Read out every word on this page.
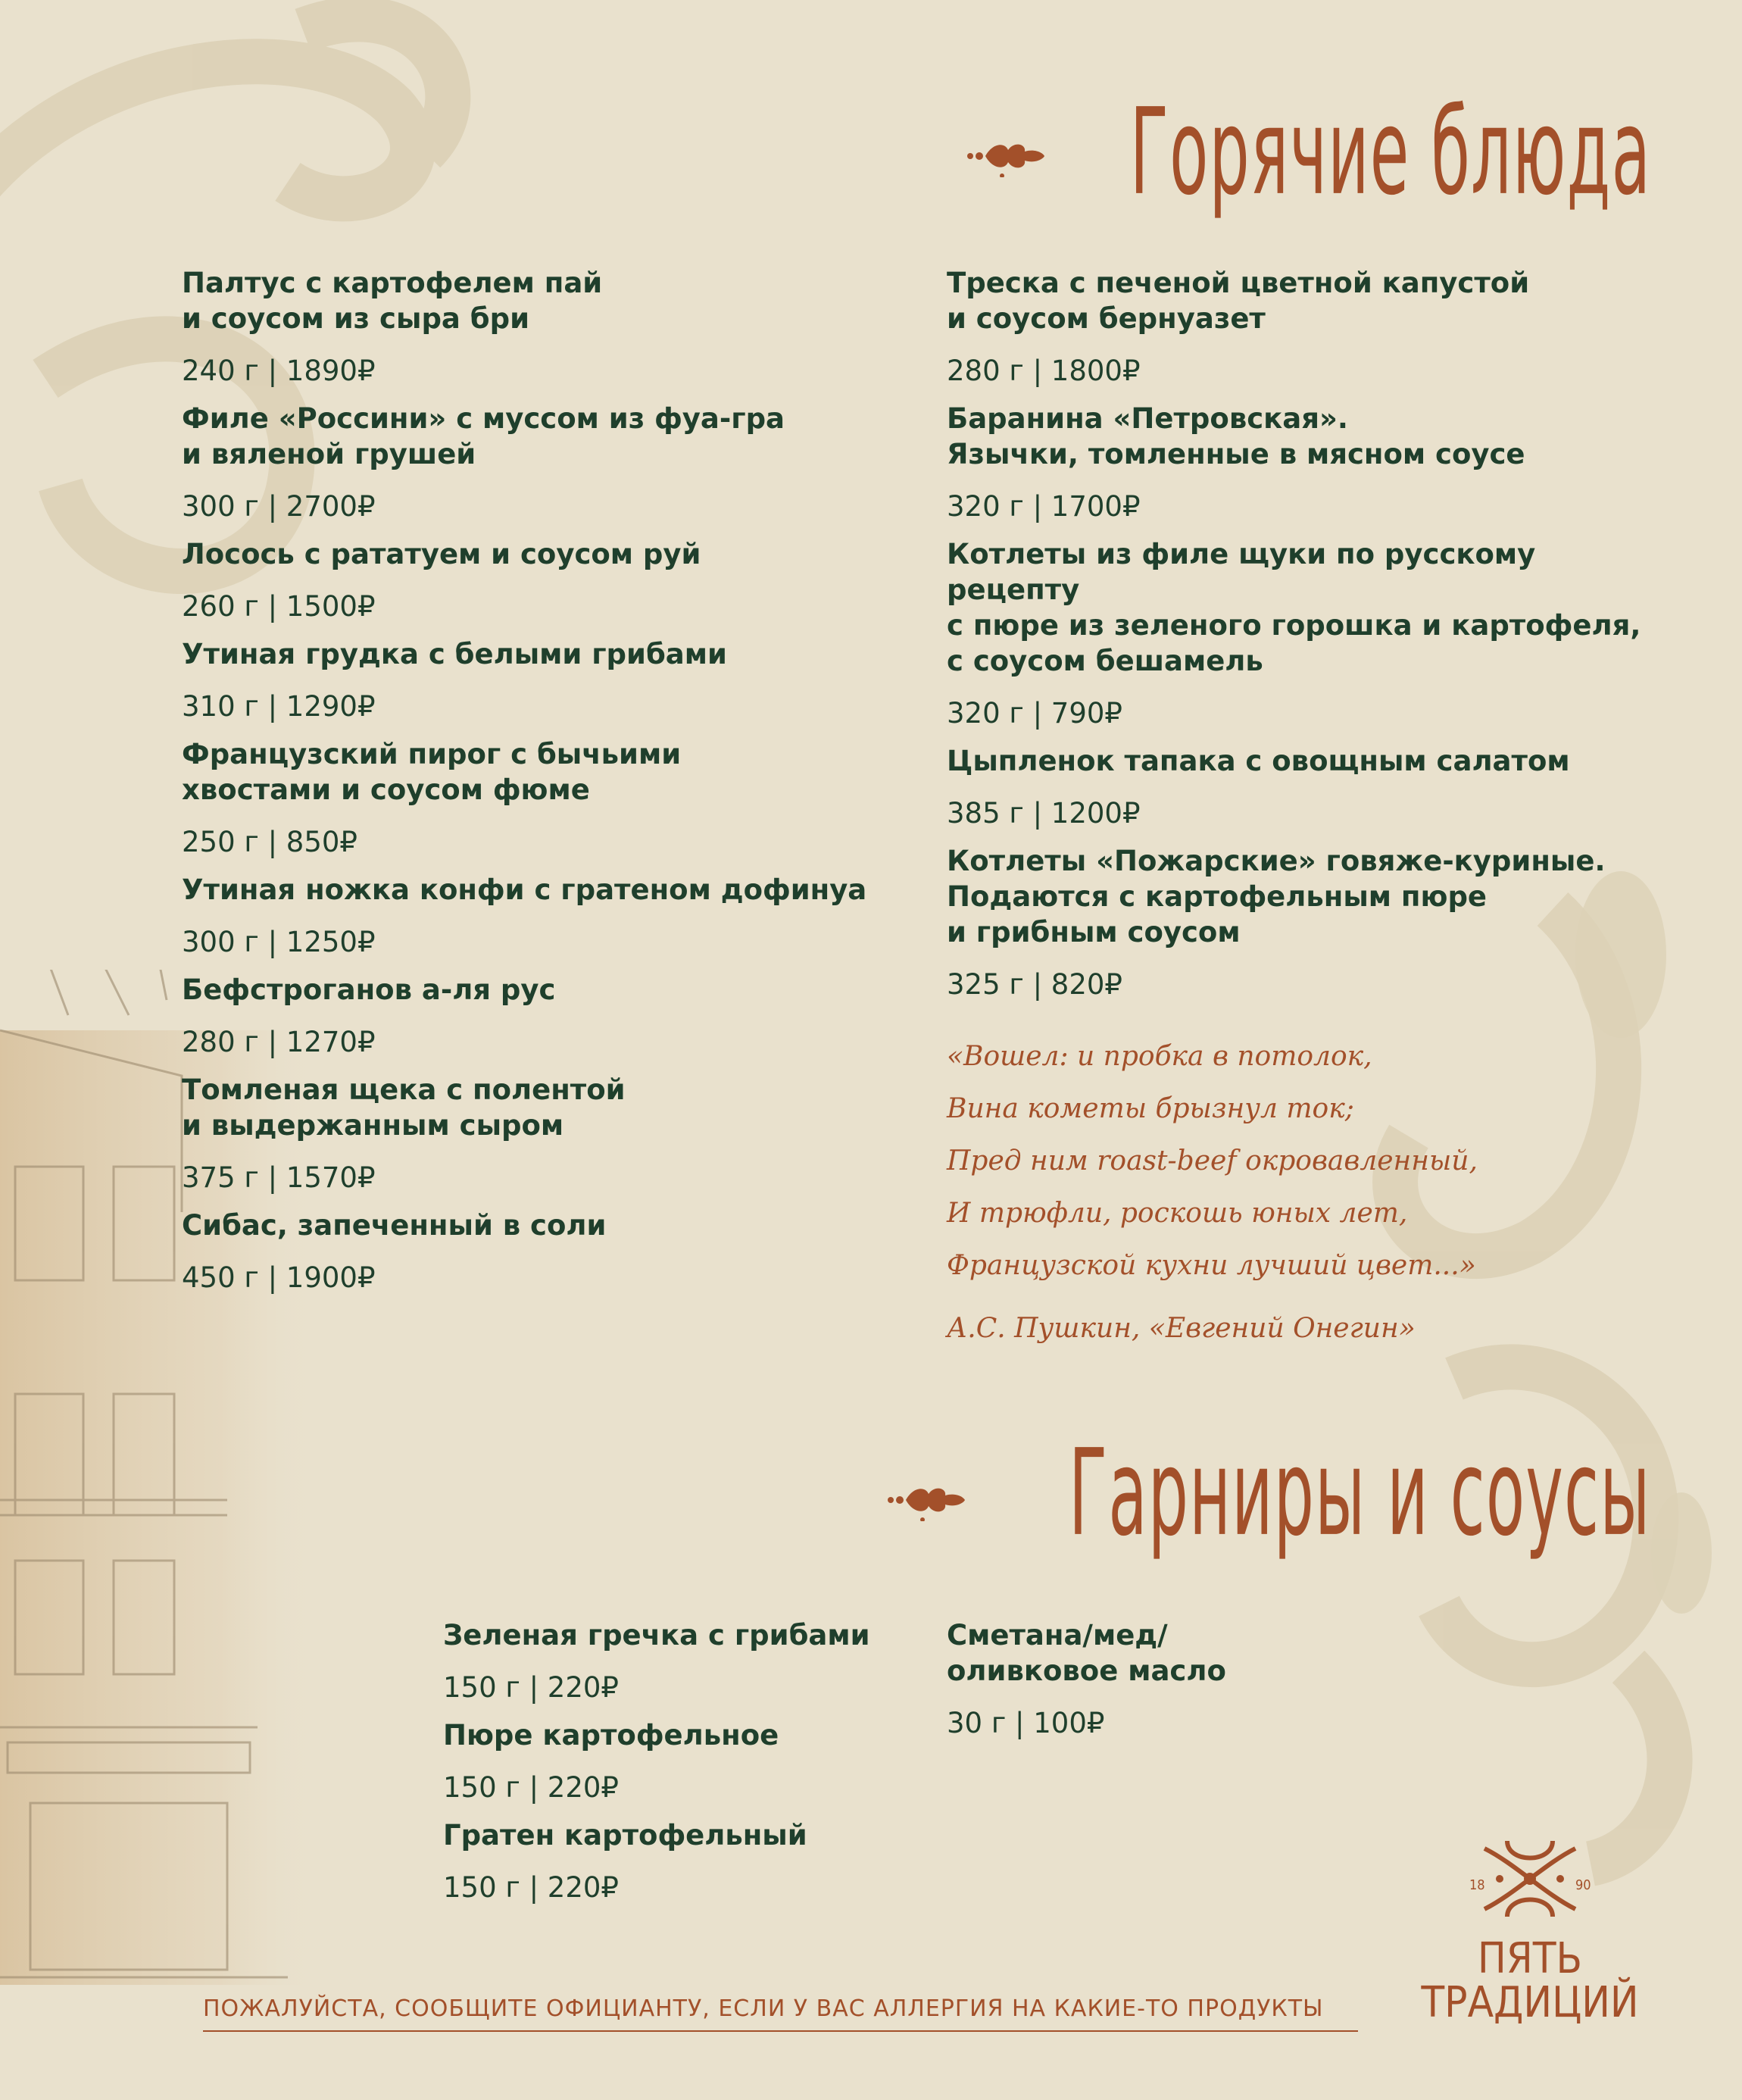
Горячие блюда
Палтус с картофелем пай
и соусом из сыра бри
240 г | 1890₽
Филе «Россини» с муссом из фуа-гра
и вяленой грушей
300 г | 2700₽
Лосось с рататуем и соусом руй
260 г | 1500₽
Утиная грудка с белыми грибами
310 г | 1290₽
Французский пирог с бычьими
хвостами и соусом фюме
250 г | 850₽
Утиная ножка конфи с гратеном дофинуа
300 г | 1250₽
Бефстроганов а-ля рус
280 г | 1270₽
Томленая щека с полентой
и выдержанным сыром
375 г | 1570₽
Сибас, запеченный в соли
450 г | 1900₽
Треска с печеной цветной капустой
и соусом бернуазет
280 г | 1800₽
Баранина «Петровская».
Язычки, томленные в мясном соусе
320 г | 1700₽
Котлеты из филе щуки по русскому рецепту
с пюре из зеленого горошка и картофеля,
с соусом бешамель
320 г | 790₽
Цыпленок тапака с овощным салатом
385 г | 1200₽
Котлеты «Пожарские» говяже-куриные.
Подаются с картофельным пюре
и грибным соусом
325 г | 820₽
«Вошел: и пробка в потолок,
Вина кометы брызнул ток;
Пред ним roast-beef окровавленный,
И трюфли, роскошь юных лет,
Французской кухни лучший цвет...»
А.С. Пушкин, «Евгений Онегин»
Гарниры и соусы
Зеленая гречка с грибами
150 г | 220₽
Пюре картофельное
150 г | 220₽
Гратен картофельный
150 г | 220₽
Сметана/мед/
оливковое масло
30 г | 100₽
18	90
ПЯТЬ
ТРАДИЦИЙ
ПОЖАЛУЙСТА, СООБЩИТЕ ОФИЦИАНТУ, ЕСЛИ У ВАС АЛЛЕРГИЯ НА КАКИЕ-ТО ПРОДУКТЫ
